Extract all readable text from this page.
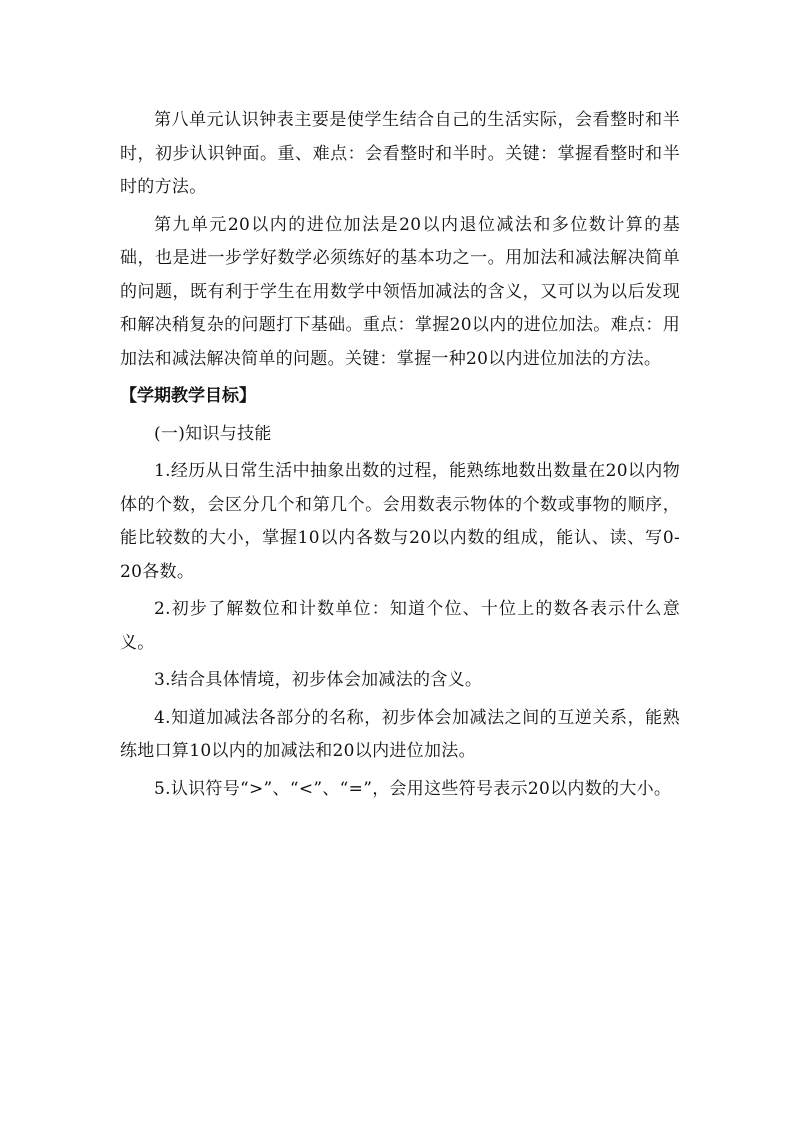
第八单元认识钟表主要是使学生结合自己的生活实际，会看整时和半时，初步认识钟面。重、难点：会看整时和半时。关键：掌握看整时和半时的方法。

第九单元20以内的进位加法是20以内退位减法和多位数计算的基础，也是进一步学好数学必须练好的基本功之一。用加法和减法解决简单的问题，既有利于学生在用数学中领悟加减法的含义，又可以为以后发现和解决稍复杂的问题打下基础。重点：掌握20以内的进位加法。难点：用加法和减法解决简单的问题。关键：掌握一种20以内进位加法的方法。

【学期教学目标】

(一)知识与技能

1.经历从日常生活中抽象出数的过程，能熟练地数出数量在20以内物体的个数，会区分几个和第几个。会用数表示物体的个数或事物的顺序，能比较数的大小，掌握10以内各数与20以内数的组成，能认、读、写0-20各数。

2.初步了解数位和计数单位：知道个位、十位上的数各表示什么意义。

3.结合具体情境，初步体会加减法的含义。

4.知道加减法各部分的名称，初步体会加减法之间的互逆关系，能熟练地口算10以内的加减法和20以内进位加法。

5.认识符号“>”、“<”、“=”，会用这些符号表示20以内数的大小。
